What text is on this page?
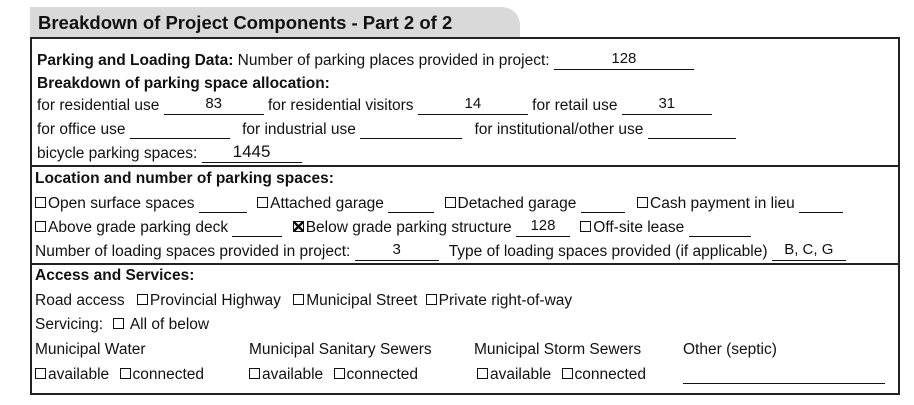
Breakdown of Project Components - Part 2 of 2
Parking and Loading Data: Number of parking places provided in project:	128
Breakdown of parking space allocation:
for residential use	83	for residential visitors	14	for retail use	31
for office use	for industrial use	for institutional/other use
bicycle parking spaces:	1445
Location and number of parking spaces:
Open surface spaces	Attached garage	Detached garage	Cash payment in lieu
Above grade parking deck	Below grade parking structure	128	Off-site lease
Number of loading spaces provided in project:	3	Type of loading spaces provided (if applicable)	B, C, G
Access and Services:
Road access Provincial Highway Municipal Street Private right-of-way
Servicing: All of below
Municipal Water	Municipal Sanitary Sewers	Municipal Storm Sewers	Other (septic)
available connected	available connected	available connected
